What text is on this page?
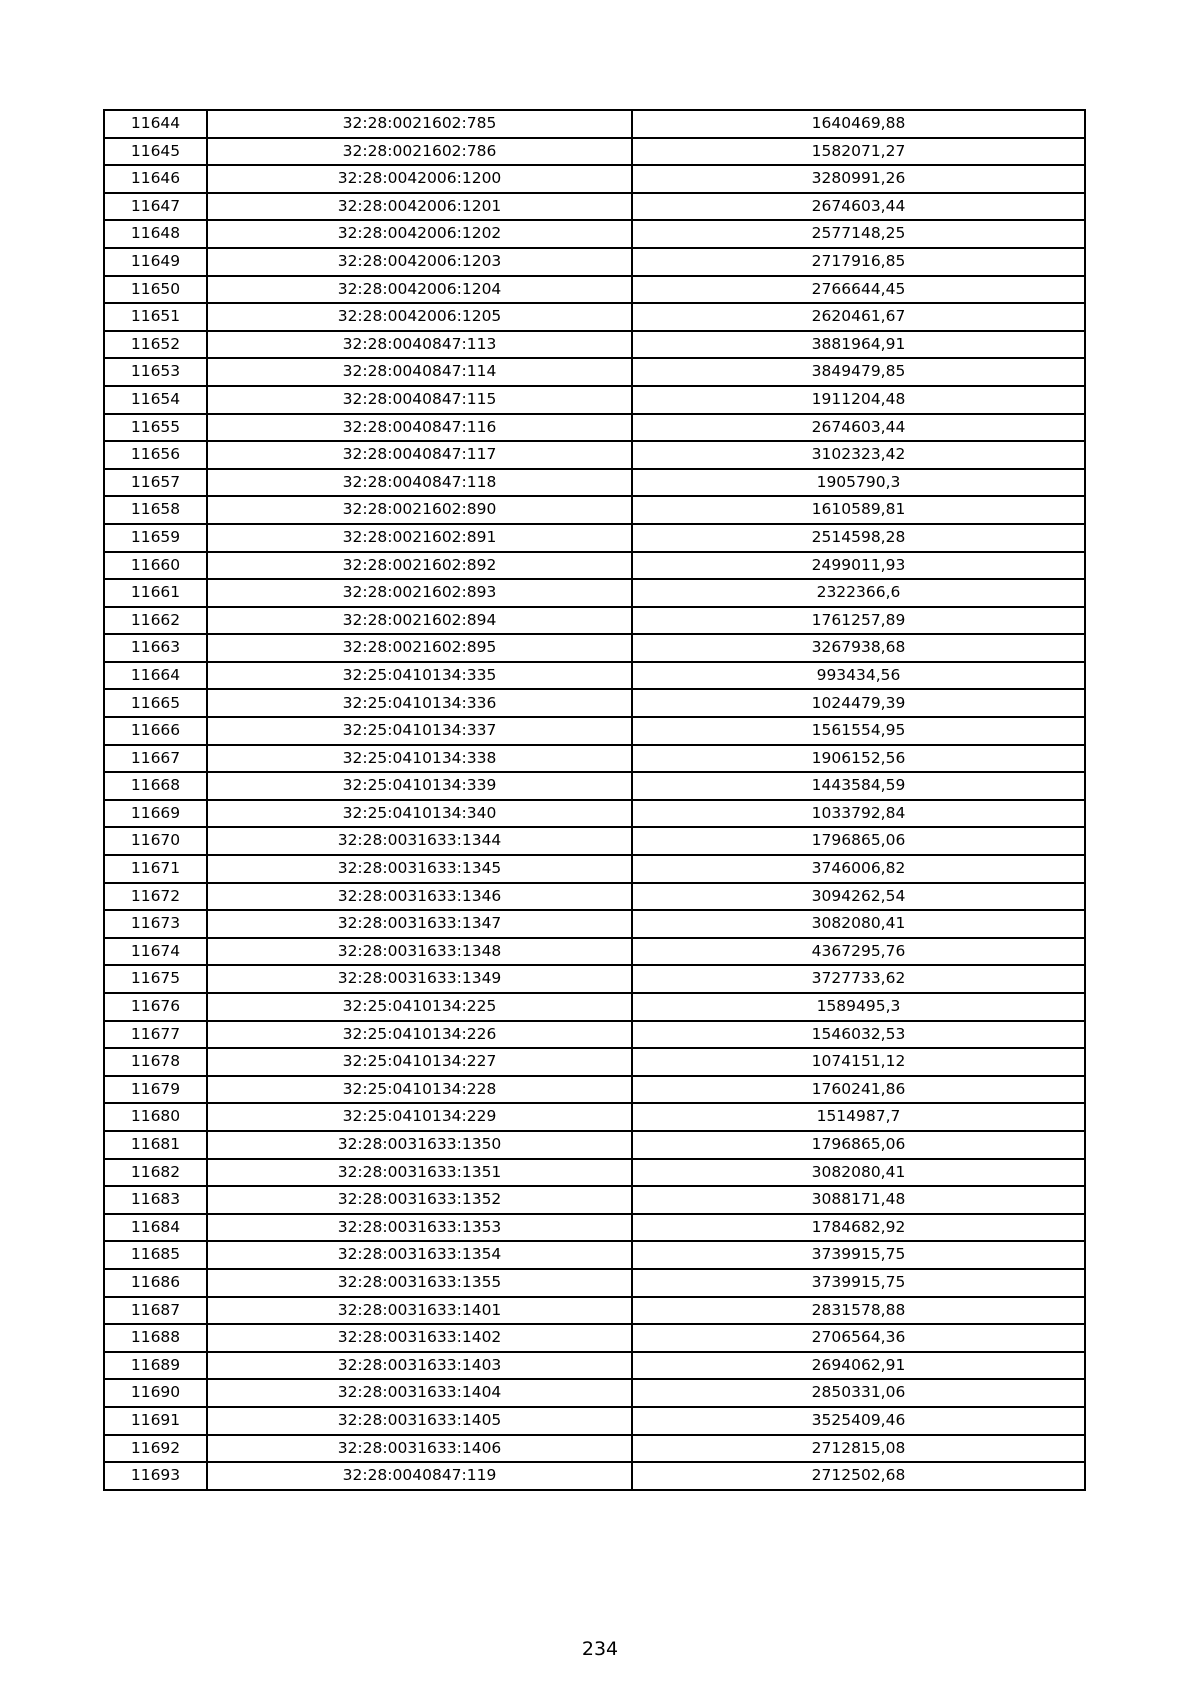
11644	32:28:0021602:785	1640469,88
11645	32:28:0021602:786	1582071,27
11646	32:28:0042006:1200	3280991,26
11647	32:28:0042006:1201	2674603,44
11648	32:28:0042006:1202	2577148,25
11649	32:28:0042006:1203	2717916,85
11650	32:28:0042006:1204	2766644,45
11651	32:28:0042006:1205	2620461,67
11652	32:28:0040847:113	3881964,91
11653	32:28:0040847:114	3849479,85
11654	32:28:0040847:115	1911204,48
11655	32:28:0040847:116	2674603,44
11656	32:28:0040847:117	3102323,42
11657	32:28:0040847:118	1905790,3
11658	32:28:0021602:890	1610589,81
11659	32:28:0021602:891	2514598,28
11660	32:28:0021602:892	2499011,93
11661	32:28:0021602:893	2322366,6
11662	32:28:0021602:894	1761257,89
11663	32:28:0021602:895	3267938,68
11664	32:25:0410134:335	993434,56
11665	32:25:0410134:336	1024479,39
11666	32:25:0410134:337	1561554,95
11667	32:25:0410134:338	1906152,56
11668	32:25:0410134:339	1443584,59
11669	32:25:0410134:340	1033792,84
11670	32:28:0031633:1344	1796865,06
11671	32:28:0031633:1345	3746006,82
11672	32:28:0031633:1346	3094262,54
11673	32:28:0031633:1347	3082080,41
11674	32:28:0031633:1348	4367295,76
11675	32:28:0031633:1349	3727733,62
11676	32:25:0410134:225	1589495,3
11677	32:25:0410134:226	1546032,53
11678	32:25:0410134:227	1074151,12
11679	32:25:0410134:228	1760241,86
11680	32:25:0410134:229	1514987,7
11681	32:28:0031633:1350	1796865,06
11682	32:28:0031633:1351	3082080,41
11683	32:28:0031633:1352	3088171,48
11684	32:28:0031633:1353	1784682,92
11685	32:28:0031633:1354	3739915,75
11686	32:28:0031633:1355	3739915,75
11687	32:28:0031633:1401	2831578,88
11688	32:28:0031633:1402	2706564,36
11689	32:28:0031633:1403	2694062,91
11690	32:28:0031633:1404	2850331,06
11691	32:28:0031633:1405	3525409,46
11692	32:28:0031633:1406	2712815,08
11693	32:28:0040847:119	2712502,68
234
